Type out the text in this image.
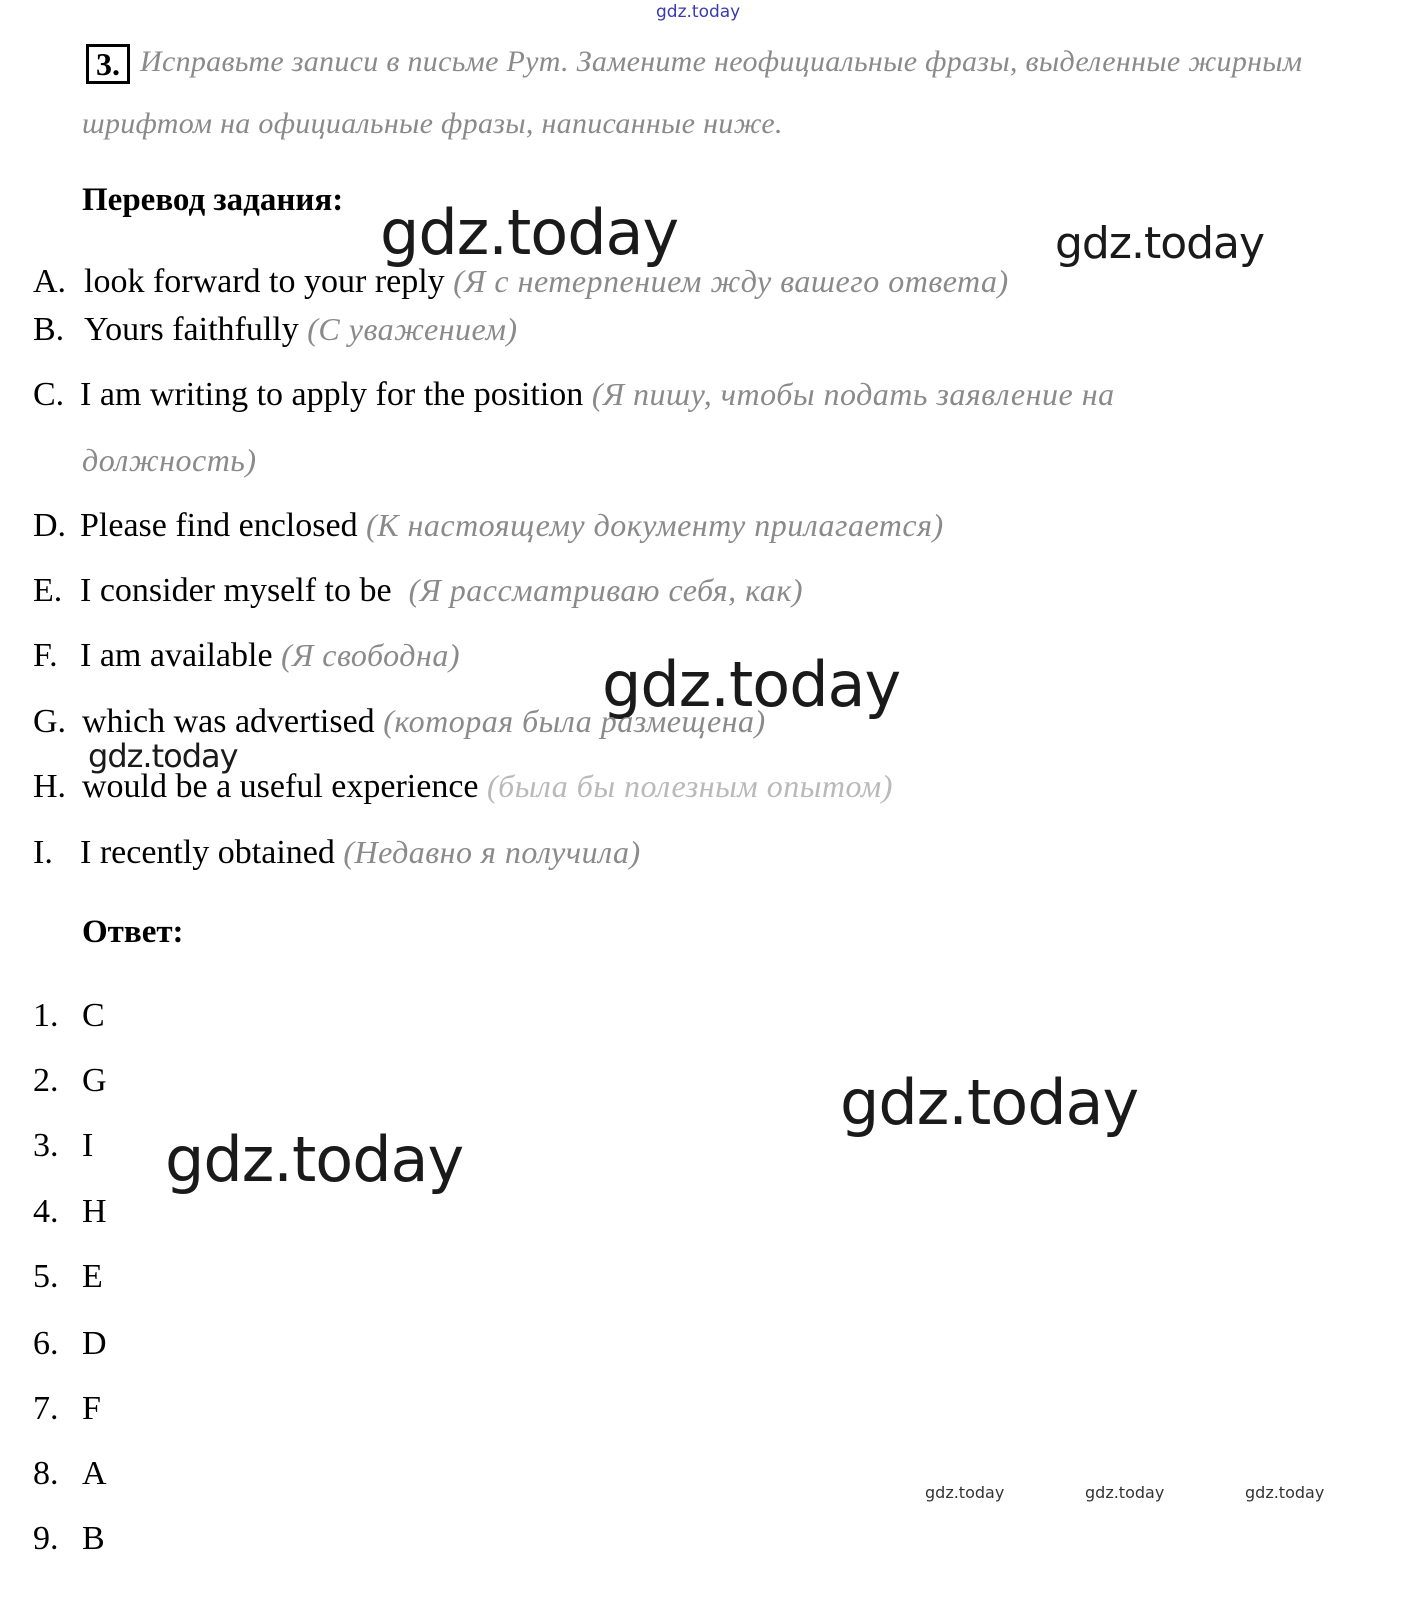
gdz.today
gdz.today	gdz.today
gdz.today
gdz.today
gdz.today
gdz.today
gdz.today	gdz.today	gdz.today
3. Исправьте записи в письме Рут. Замените неофициальные фразы, выделенные жирным
шрифтом на официальные фразы, написанные ниже.
Перевод задания:
A. look forward to your reply (Я с нетерпением жду вашего ответа)
B. Yours faithfully (С уважением)
C. I am writing to apply for the position (Я пишу, чтобы подать заявление на
должность)
D. Please find enclosed (К настоящему документу прилагается)
E. I consider myself to be (Я рассматриваю себя, как)
F. I am available (Я свободна)
G. which was advertised (которая была размещена)
H. would be a useful experience (была бы полезным опытом)
I. I recently obtained (Недавно я получила)
Ответ:
1. C
2. G
3. I
4. H
5. E
6. D
7. F
8. A
9. B
